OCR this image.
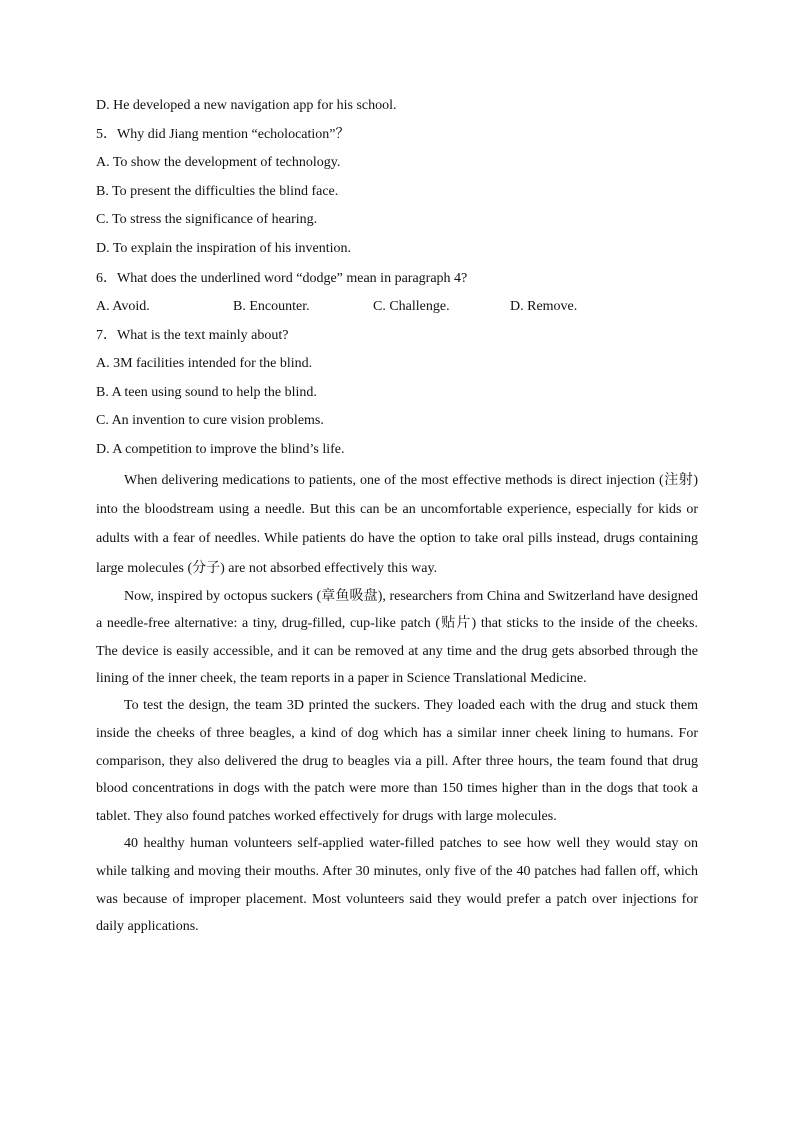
D. He developed a new navigation app for his school.
5．Why did Jiang mention “echolocation”？
A. To show the development of technology.
B. To present the difficulties the blind face.
C. To stress the significance of hearing.
D. To explain the inspiration of his invention.
6．What does the underlined word “dodge” mean in paragraph 4?
A. Avoid.	B. Encounter.	C. Challenge.	D. Remove.
7．What is the text mainly about?
A. 3M facilities intended for the blind.
B. A teen using sound to help the blind.
C. An invention to cure vision problems.
D. A competition to improve the blind’s life.

When delivering medications to patients, one of the most effective methods is direct injection (注射) into the bloodstream using a needle. But this can be an uncomfortable experience, especially for kids or adults with a fear of needles. While patients do have the option to take oral pills instead, drugs containing large molecules (分子) are not absorbed effectively this way.

Now, inspired by octopus suckers (章鱼吸盘), researchers from China and Switzerland have designed a needle-free alternative: a tiny, drug-filled, cup-like patch (贴片) that sticks to the inside of the cheeks. The device is easily accessible, and it can be removed at any time and the drug gets absorbed through the lining of the inner cheek, the team reports in a paper in Science Translational Medicine.

To test the design, the team 3D printed the suckers. They loaded each with the drug and stuck them inside the cheeks of three beagles, a kind of dog which has a similar inner cheek lining to humans. For comparison, they also delivered the drug to beagles via a pill. After three hours, the team found that drug blood concentrations in dogs with the patch were more than 150 times higher than in the dogs that took a tablet. They also found patches worked effectively for drugs with large molecules.

40 healthy human volunteers self-applied water-filled patches to see how well they would stay on while talking and moving their mouths. After 30 minutes, only five of the 40 patches had fallen off, which was because of improper placement. Most volunteers said they would prefer a patch over injections for daily applications.
